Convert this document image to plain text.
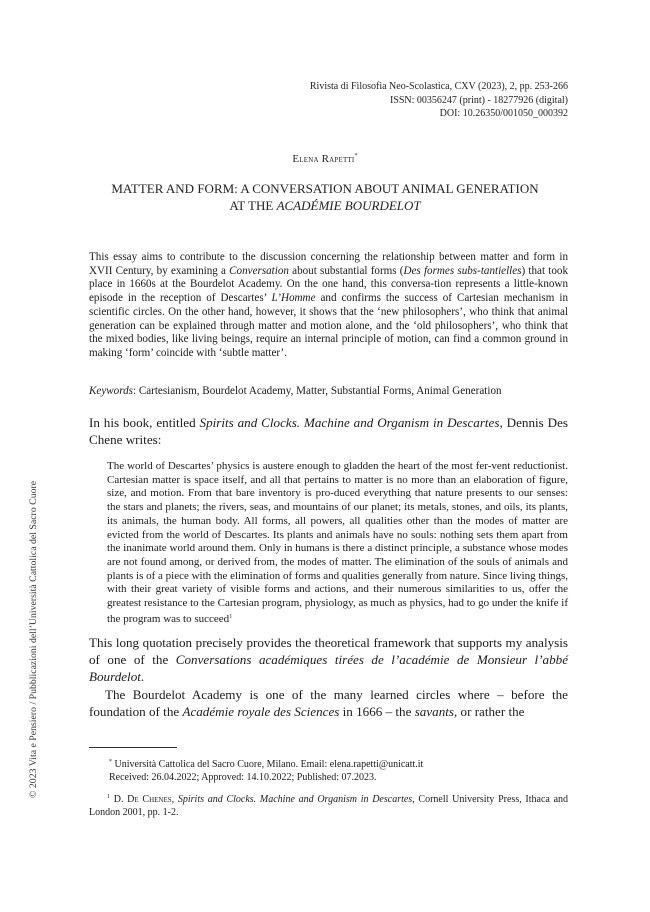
Rivista di Filosofia Neo-Scolastica, CXV (2023), 2, pp. 253-266
ISSN: 00356247 (print) - 18277926 (digital)
DOI: 10.26350/001050_000392
Elena Rapetti*
MATTER AND FORM: A CONVERSATION ABOUT ANIMAL GENERATION
AT THE ACADÉMIE BOURDELOT
This essay aims to contribute to the discussion concerning the relationship between matter and form in XVII Century, by examining a Conversation about substantial forms (Des formes subs-tantielles) that took place in 1660s at the Bourdelot Academy. On the one hand, this conversa-tion represents a little-known episode in the reception of Descartes’ L’Homme and confirms the success of Cartesian mechanism in scientific circles. On the other hand, however, it shows that the ‘new philosophers’, who think that animal generation can be explained through matter and motion alone, and the ‘old philosophers’, who think that the mixed bodies, like living beings, require an internal principle of motion, can find a common ground in making ‘form’ coincide with ‘subtle matter’.
Keywords: Cartesianism, Bourdelot Academy, Matter, Substantial Forms, Animal Generation
In his book, entitled Spirits and Clocks. Machine and Organism in Descartes, Dennis Des Chene writes:
The world of Descartes’ physics is austere enough to gladden the heart of the most fer-vent reductionist. Cartesian matter is space itself, and all that pertains to matter is no more than an elaboration of figure, size, and motion. From that bare inventory is pro-duced everything that nature presents to our senses: the stars and planets; the rivers, seas, and mountains of our planet; its metals, stones, and oils, its plants, its animals, the human body. All forms, all powers, all qualities other than the modes of matter are evicted from the world of Descartes. Its plants and animals have no souls: nothing sets them apart from the inanimate world around them. Only in humans is there a distinct principle, a substance whose modes are not found among, or derived from, the modes of matter. The elimination of the souls of animals and plants is of a piece with the elimination of forms and qualities generally from nature. Since living things, with their great variety of visible forms and actions, and their numerous similarities to us, offer the greatest resistance to the Cartesian program, physiology, as much as physics, had to go under the knife if the program was to succeed$^1$
This long quotation precisely provides the theoretical framework that supports my analysis of one of the Conversations académiques tirées de l’académie de Monsieur l’abbé Bourdelot.
The Bourdelot Academy is one of the many learned circles where – before the foundation of the Académie royale des Sciences in 1666 – the savants, or rather the
* Università Cattolica del Sacro Cuore, Milano. Email: elena.rapetti@unicatt.it
Received: 26.04.2022; Approved: 14.10.2022; Published: 07.2023.
$^1$ D. De Chenes, Spirits and Clocks. Machine and Organism in Descartes, Cornell University Press, Ithaca and London 2001, pp. 1-2.
© 2023 Vita e Pensiero / Pubblicazioni dell’Università Cattolica del Sacro Cuore
